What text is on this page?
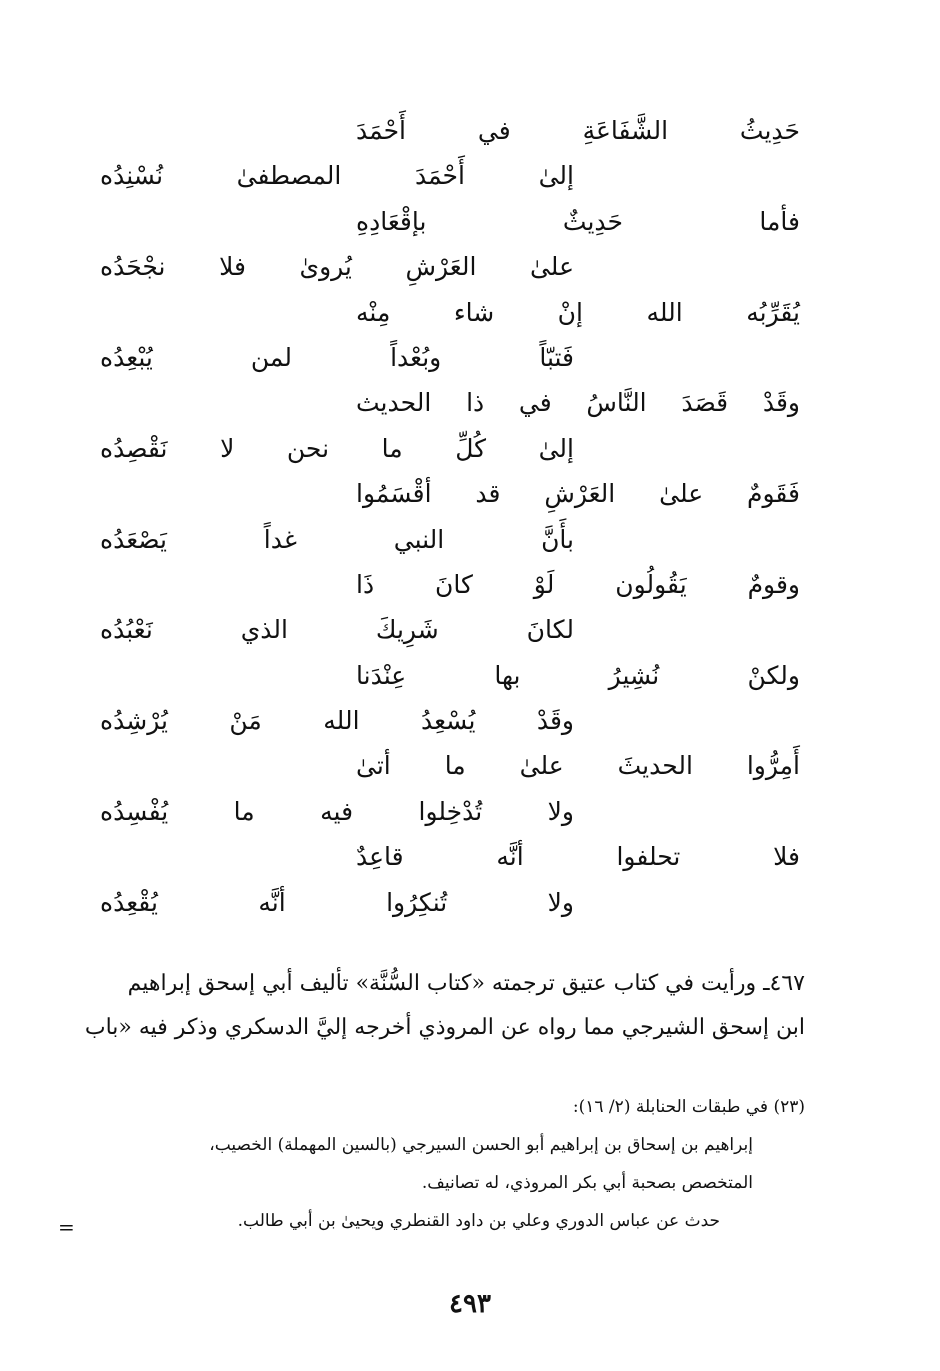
حَدِيثُ
الشَّفَاعَةِ
في
أَحْمَدَ
إلىٰ
أَحْمَدَ
المصطفىٰ
نُسْنِدُه
فأما
حَدِيثٌ
بإقْعَادِهِ
علىٰ
العَرْشِ
يُروىٰ
فلا
نجْحَدُه
يُقَرِّبُه
الله
إنْ
شاء
مِنْه
فَتبّاً
وبُعْداً
لمن
يُبْعِدُه
وقَدْ
قَصَدَ
النَّاسُ
في
ذا
الحديث
إلىٰ
كُلِّ
ما
نحن
لا
نَقْصِدُه
فَقَومٌ
علىٰ
العَرْشِ
قد
أقْسَمُوا
بأَنَّ
النبي
غداً
يَصْعَدُه
وقومٌ
يَقُولُون
لَوْ
كانَ
ذَا
لكانَ
شَرِيكَ
الذي
نَعْبُدُه
ولكنْ
نُشِيرُ
بها
عِنْدَنا
وقَدْ
يُسْعِدُ
الله
مَنْ
يُرْشِدُه
أَمِرُّوا
الحديثَ
علىٰ
ما
أتىٰ
ولا
تُدْخِلوا
فيه
ما
يُفْسِدُه
فلا
تحلفوا
أنَّه
قاعِدٌ
ولا
تُنكِرُوا
أنَّه
يُقْعِدُه
٤٦٧ـ ورأيت في كتاب عتيق ترجمته «كتاب السُّنَّة» تأليف أبي إسحق إبراهيم
ابن إسحق الشيرجي مما رواه عن المروذي أخرجه إليَّ الدسكري وذكر فيه «باب
(٢٣) في طبقات الحنابلة (٢/ ١٦):
إبراهيم بن إسحاق بن إبراهيم أبو الحسن السيرجي (بالسين المهملة) الخصيب،
المتخصص بصحبة أبي بكر المروذي، له تصانيف.
حدث عن عباس الدوري وعلي بن داود القنطري ويحيىٰ بن أبي طالب.
=
٤٩٣
